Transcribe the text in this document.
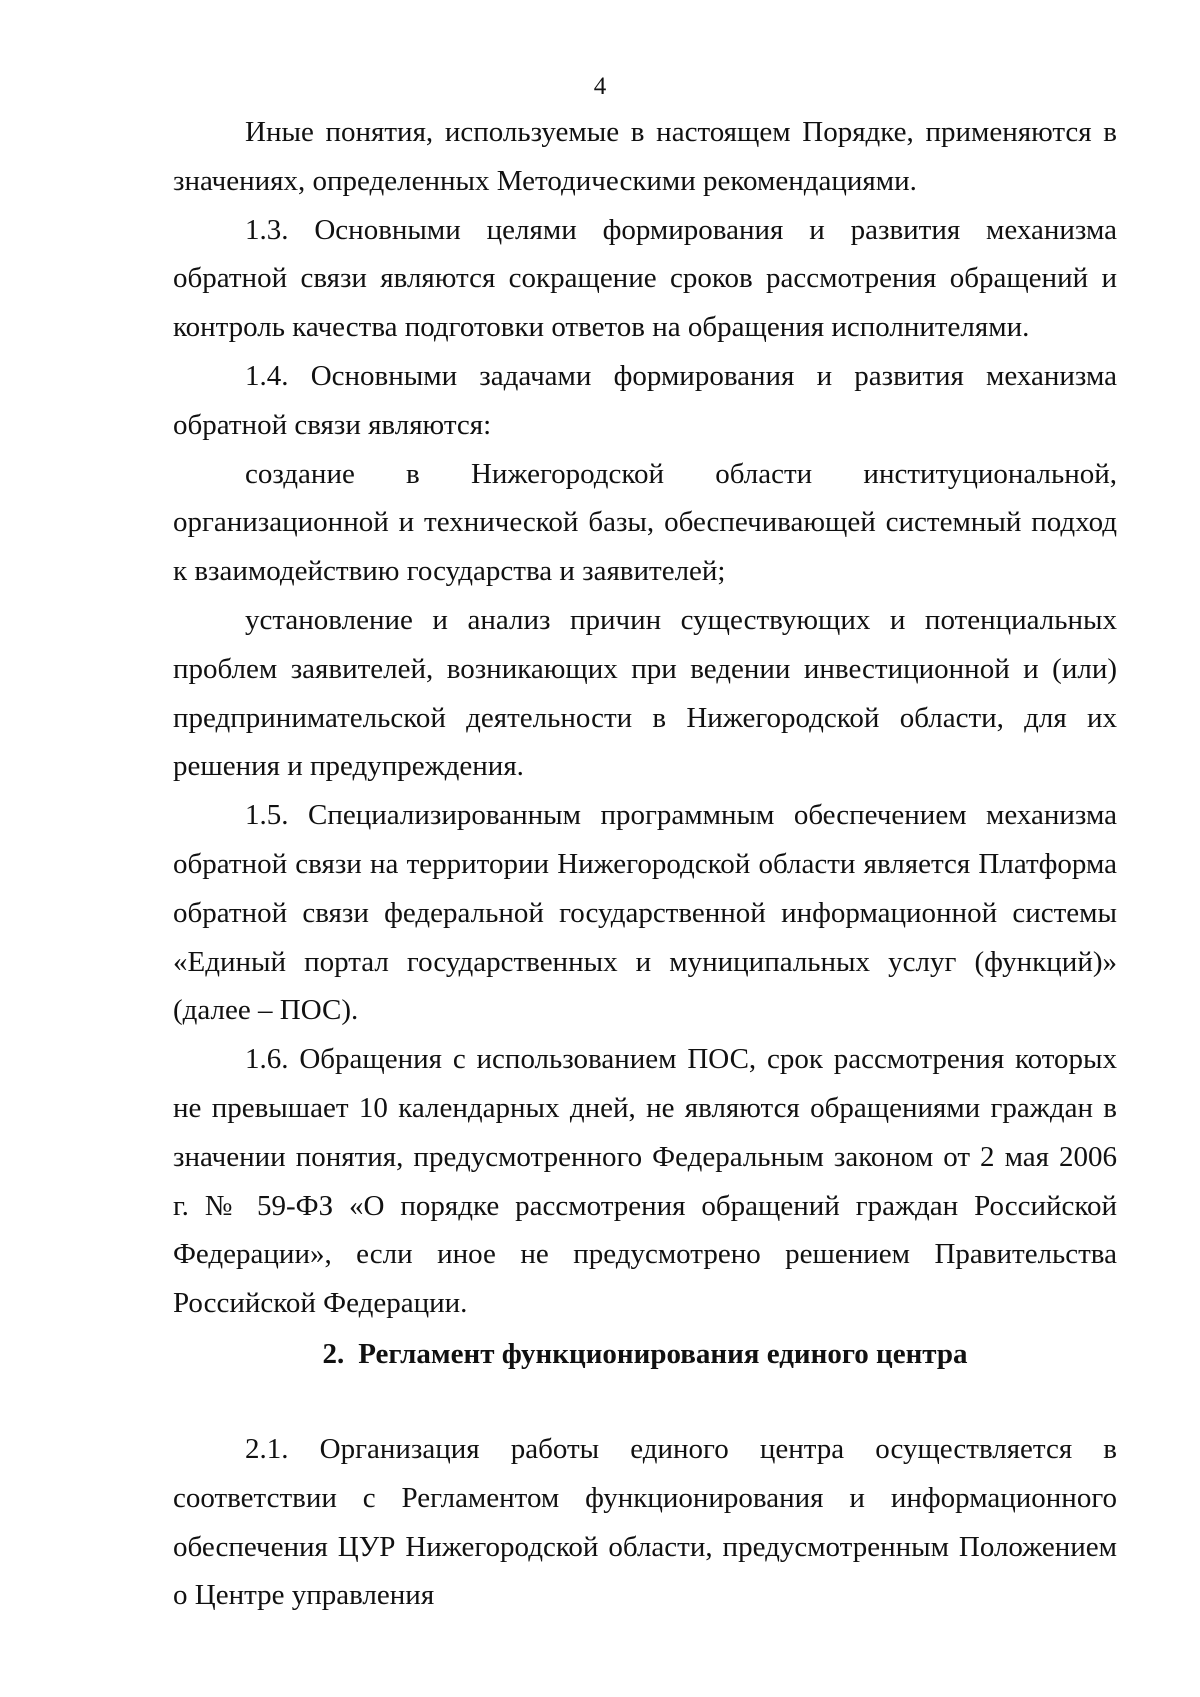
4

Иные понятия, используемые в настоящем Порядке, применяются в значениях, определенных Методическими рекомендациями.

1.3. Основными целями формирования и развития механизма обратной связи являются сокращение сроков рассмотрения обращений и контроль качества подготовки ответов на обращения исполнителями.

1.4. Основными задачами формирования и развития механизма обратной связи являются:

создание в Нижегородской области институциональной, организационной и технической базы, обеспечивающей системный подход к взаимодействию государства и заявителей;

установление и анализ причин существующих и потенциальных проблем заявителей, возникающих при ведении инвестиционной и (или) предпринимательской деятельности в Нижегородской области, для их решения и предупреждения.

1.5. Специализированным программным обеспечением механизма обратной связи на территории Нижегородской области является Платформа обратной связи федеральной государственной информационной системы «Единый портал государственных и муниципальных услуг (функций)» (далее – ПОС).

1.6. Обращения с использованием ПОС, срок рассмотрения которых не превышает 10 календарных дней, не являются обращениями граждан в значении понятия, предусмотренного Федеральным законом от 2 мая 2006 г. № 59-ФЗ «О порядке рассмотрения обращений граждан Российской Федерации», если иное не предусмотрено решением Правительства Российской Федерации.

2. Регламент функционирования единого центра

2.1. Организация работы единого центра осуществляется в соответствии с Регламентом функционирования и информационного обеспечения ЦУР Нижегородской области, предусмотренным Положением о Центре управления
